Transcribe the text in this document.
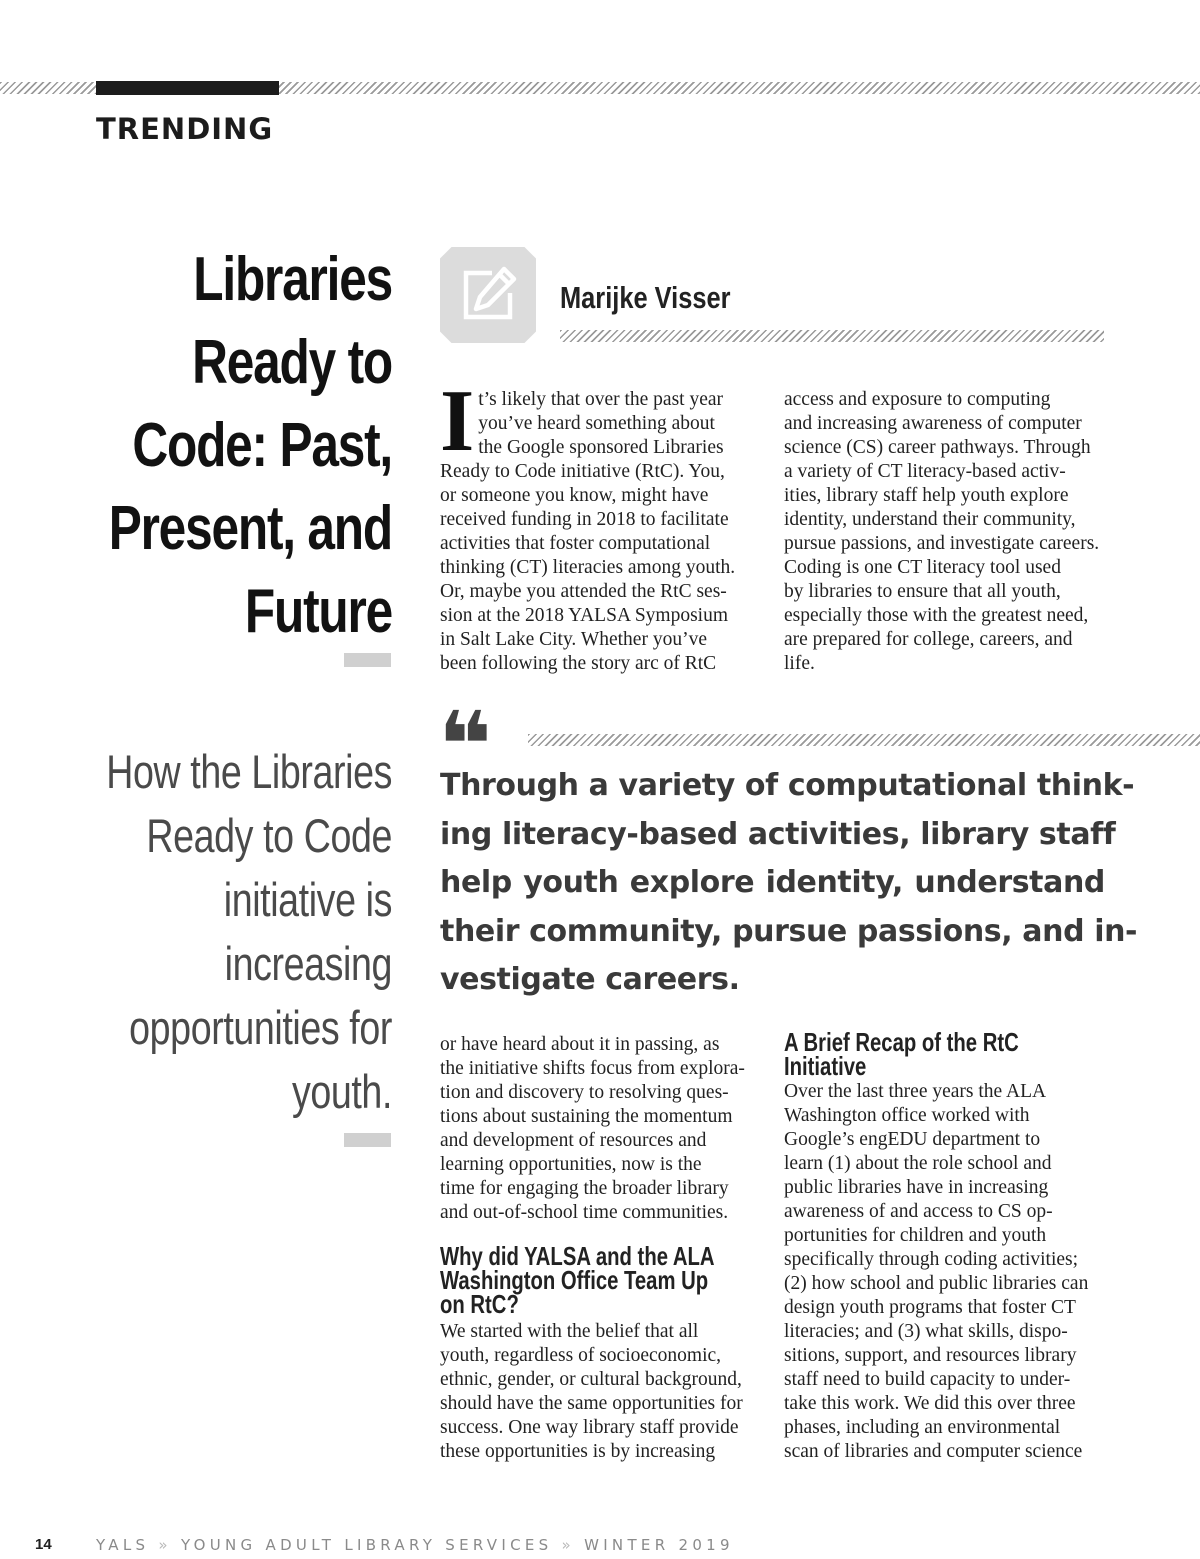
TRENDING
Libraries
Ready to
Code: Past,
Present, and
Future
How the Libraries
Ready to Code
initiative is
increasing
opportunities for
youth.
Marijke Visser
I t’s likely that over the past year
you’ve heard something about
the Google sponsored Libraries
Ready to Code initiative (RtC). You,
or someone you know, might have
received funding in 2018 to facilitate
activities that foster computational
thinking (CT) literacies among youth.
Or, maybe you attended the RtC ses-
sion at the 2018 YALSA Symposium
in Salt Lake City. Whether you’ve
been following the story arc of RtC
access and exposure to computing
and increasing awareness of computer
science (CS) career pathways. Through
a variety of CT literacy-based activ-
ities, library staff help youth explore
identity, understand their community,
pursue passions, and investigate careers.
Coding is one CT literacy tool used
by libraries to ensure that all youth,
especially those with the greatest need,
are prepared for college, careers, and
life.
❝
Through a variety of computational think-
ing literacy-based activities, library staff
help youth explore identity, understand
their community, pursue passions, and in-
vestigate careers.
or have heard about it in passing, as
the initiative shifts focus from explora-
tion and discovery to resolving ques-
tions about sustaining the momentum
and development of resources and
learning opportunities, now is the
time for engaging the broader library
and out-of-school time communities.
Why did YALSA and the ALA
Washington Office Team Up
on RtC?
We started with the belief that all
youth, regardless of socioeconomic,
ethnic, gender, or cultural background,
should have the same opportunities for
success. One way library staff provide
these opportunities is by increasing
A Brief Recap of the RtC
Initiative
Over the last three years the ALA
Washington office worked with
Google’s engEDU department to
learn (1) about the role school and
public libraries have in increasing
awareness of and access to CS op-
portunities for children and youth
specifically through coding activities;
(2) how school and public libraries can
design youth programs that foster CT
literacies; and (3) what skills, dispo-
sitions, support, and resources library
staff need to build capacity to under-
take this work. We did this over three
phases, including an environmental
scan of libraries and computer science
14	YALS » YOUNG ADULT LIBRARY SERVICES » WINTER 2019
